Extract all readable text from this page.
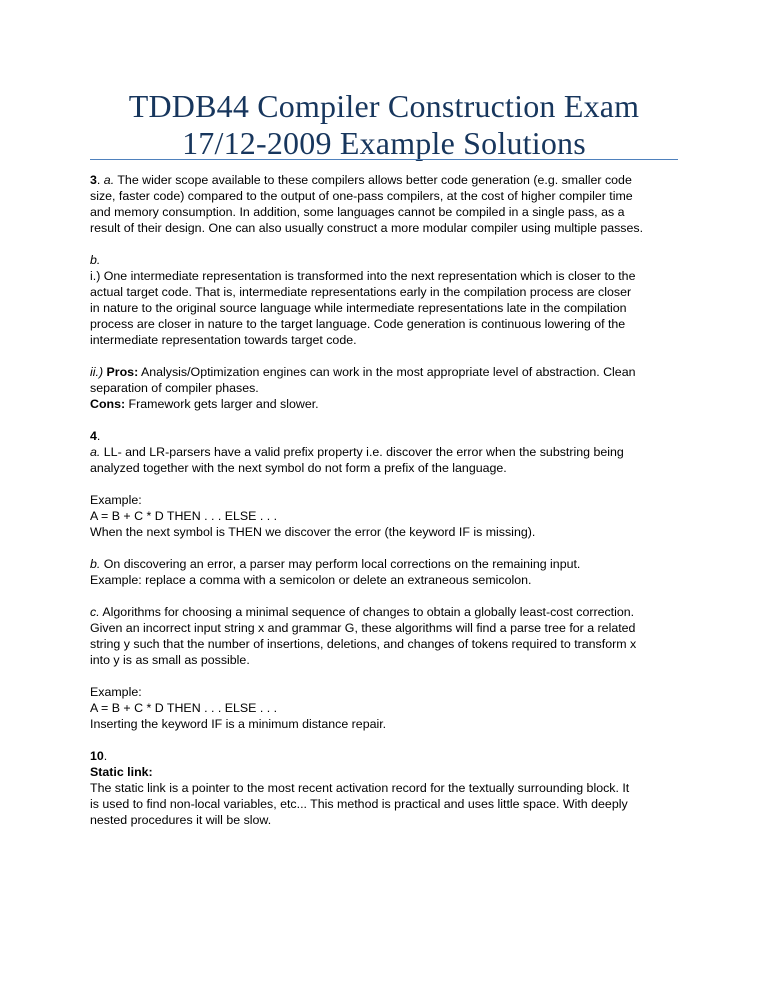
TDDB44 Compiler Construction Exam
17/12-2009 Example Solutions
3. a. The wider scope available to these compilers allows better code generation (e.g. smaller code
size, faster code) compared to the output of one-pass compilers, at the cost of higher compiler time
and memory consumption. In addition, some languages cannot be compiled in a single pass, as a
result of their design. One can also usually construct a more modular compiler using multiple passes.
b.
i.) One intermediate representation is transformed into the next representation which is closer to the
actual target code. That is, intermediate representations early in the compilation process are closer
in nature to the original source language while intermediate representations late in the compilation
process are closer in nature to the target language. Code generation is continuous lowering of the
intermediate representation towards target code.
ii.) Pros: Analysis/Optimization engines can work in the most appropriate level of abstraction. Clean
separation of compiler phases.
Cons: Framework gets larger and slower.
4.
a. LL- and LR-parsers have a valid prefix property i.e. discover the error when the substring being
analyzed together with the next symbol do not form a prefix of the language.
Example:
A = B + C * D THEN . . . ELSE . . .
When the next symbol is THEN we discover the error (the keyword IF is missing).
b. On discovering an error, a parser may perform local corrections on the remaining input.
Example: replace a comma with a semicolon or delete an extraneous semicolon.
c. Algorithms for choosing a minimal sequence of changes to obtain a globally least-cost correction.
Given an incorrect input string x and grammar G, these algorithms will find a parse tree for a related
string y such that the number of insertions, deletions, and changes of tokens required to transform x
into y is as small as possible.
Example:
A = B + C * D THEN . . . ELSE . . .
Inserting the keyword IF is a minimum distance repair.
10.
Static link:
The static link is a pointer to the most recent activation record for the textually surrounding block. It
is used to find non-local variables, etc... This method is practical and uses little space. With deeply
nested procedures it will be slow.
